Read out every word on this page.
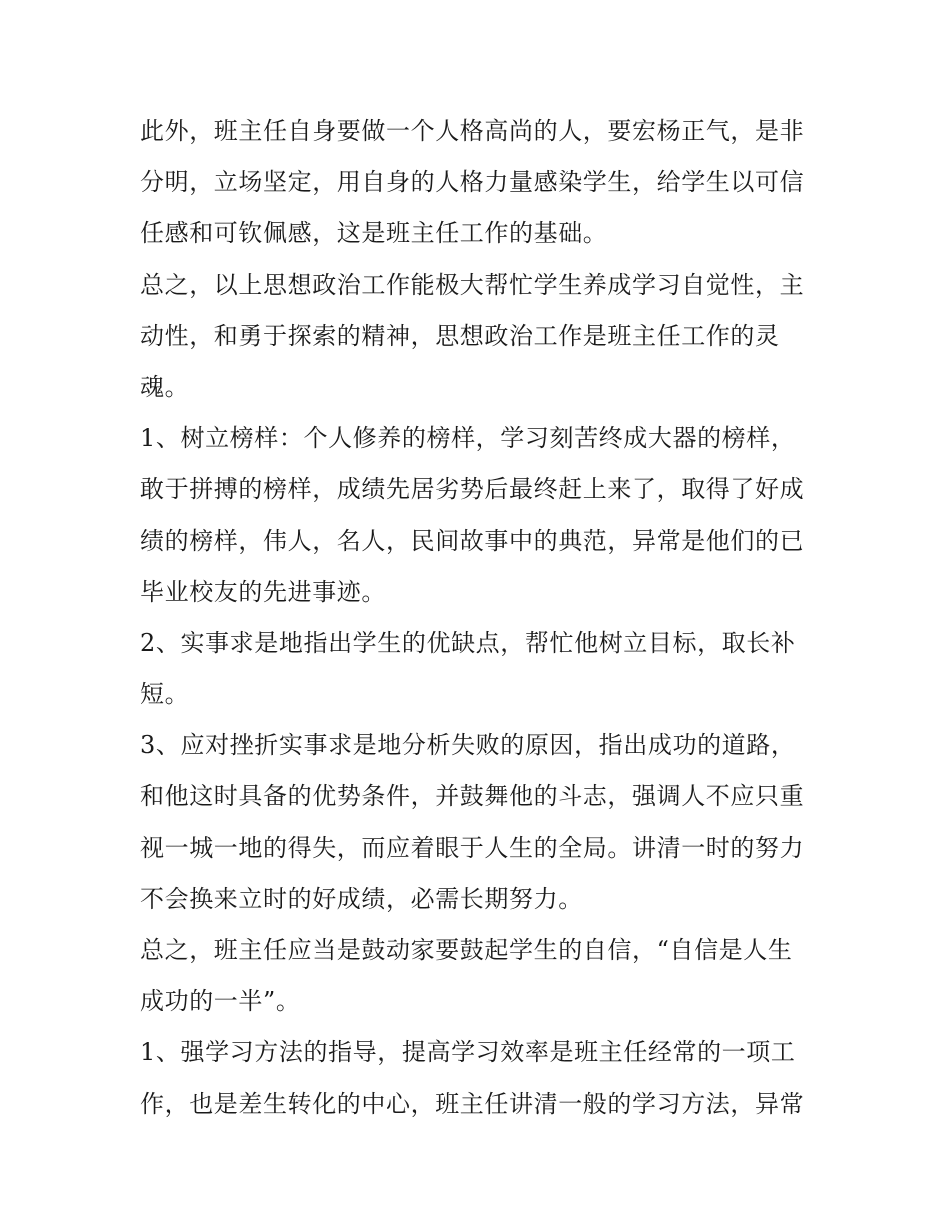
此外，班主任自身要做一个人格高尚的人，要宏杨正气，是非
分明，立场坚定，用自身的人格力量感染学生，给学生以可信
任感和可钦佩感，这是班主任工作的基础。
总之，以上思想政治工作能极大帮忙学生养成学习自觉性，主
动性，和勇于探索的精神，思想政治工作是班主任工作的灵
魂。
1、树立榜样：个人修养的榜样，学习刻苦终成大器的榜样，
敢于拼搏的榜样，成绩先居劣势后最终赶上来了，取得了好成
绩的榜样，伟人，名人，民间故事中的典范，异常是他们的已
毕业校友的先进事迹。
2、实事求是地指出学生的优缺点，帮忙他树立目标，取长补
短。
3、应对挫折实事求是地分析失败的原因，指出成功的道路，
和他这时具备的优势条件，并鼓舞他的斗志，强调人不应只重
视一城一地的得失，而应着眼于人生的全局。讲清一时的努力
不会换来立时的好成绩，必需长期努力。
总之，班主任应当是鼓动家要鼓起学生的自信，“自信是人生
成功的一半”。
1、强学习方法的指导，提高学习效率是班主任经常的一项工
作，也是差生转化的中心，班主任讲清一般的学习方法，异常
